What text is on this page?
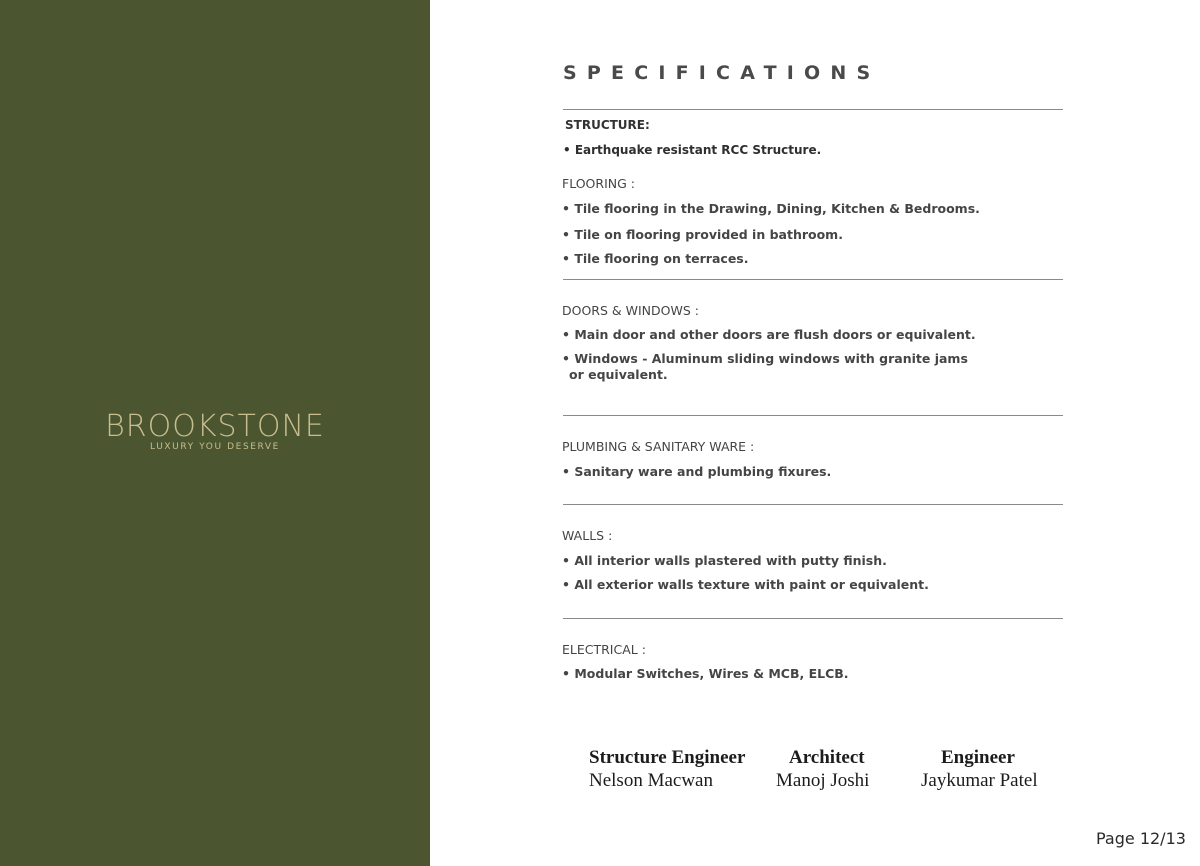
BROOKSTONE
LUXURY YOU DESERVE
SPECIFICATIONS
STRUCTURE:
• Earthquake resistant RCC Structure.
FLOORING :
• Tile flooring in the Drawing, Dining, Kitchen & Bedrooms.
• Tile on flooring provided in bathroom.
• Tile flooring on terraces.
DOORS & WINDOWS :
• Main door and other doors are flush doors or equivalent.
• Windows - Aluminum sliding windows with granite jams
or equivalent.
PLUMBING & SANITARY WARE :
• Sanitary ware and plumbing fixures.
WALLS :
• All interior walls plastered with putty finish.
• All exterior walls texture with paint or equivalent.
ELECTRICAL :
• Modular Switches, Wires & MCB, ELCB.
Structure Engineer
Nelson Macwan
Architect
Manoj Joshi
Engineer
Jaykumar Patel
Page 12/13
